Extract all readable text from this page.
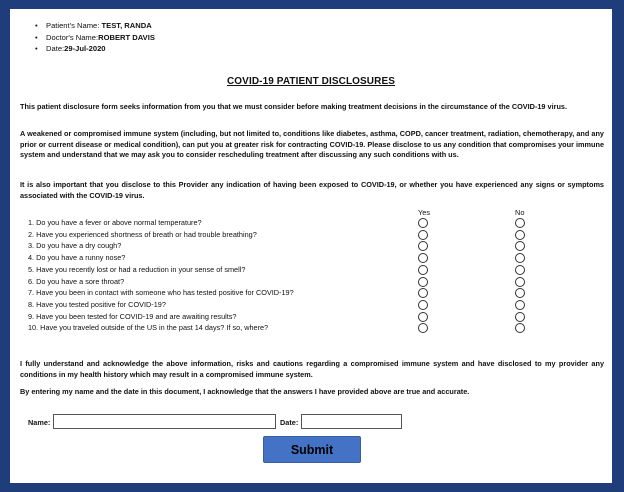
• Patient's Name: TEST, RANDA
• Doctor's Name:ROBERT DAVIS
• Date:29-Jul-2020
COVID-19 PATIENT DISCLOSURES

This patient disclosure form seeks information from you that we must consider before making treatment decisions in the circumstance of the COVID-19 virus.

A weakened or compromised immune system (including, but not limited to, conditions like diabetes, asthma, COPD, cancer treatment, radiation, chemotherapy, and any prior or current disease or medical condition), can put you at greater risk for contracting COVID-19. Please disclose to us any condition that compromises your immune system and understand that we may ask you to consider rescheduling treatment after discussing any such conditions with us.

It is also important that you disclose to this Provider any indication of having been exposed to COVID-19, or whether you have experienced any signs or symptoms associated with the COVID-19 virus.

Yes	No
1. Do you have a fever or above normal temperature?
2. Have you experienced shortness of breath or had trouble breathing?
3. Do you have a dry cough?
4. Do you have a runny nose?
5. Have you recently lost or had a reduction in your sense of smell?
6. Do you have a sore throat?
7. Have you been in contact with someone who has tested positive for COVID-19?
8. Have you tested positive for COVID-19?
9. Have you been tested for COVID-19 and are awaiting results?
10. Have you traveled outside of the US in the past 14 days? If so, where?

I fully understand and acknowledge the above information, risks and cautions regarding a compromised immune system and have disclosed to my provider any conditions in my health history which may result in a compromised immune system.

By entering my name and the date in this document, I acknowledge that the answers I have provided above are true and accurate.

Name:	Date:
Submit
